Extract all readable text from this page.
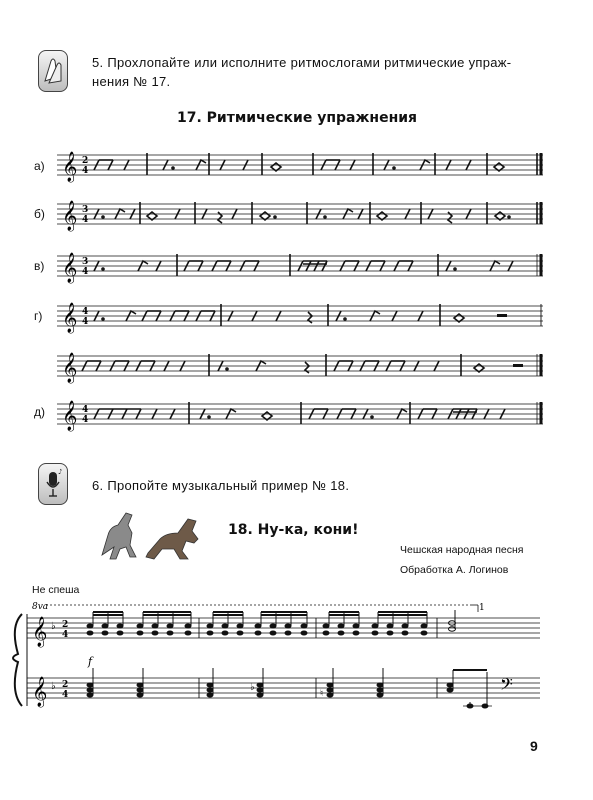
5. Прохлопайте или исполните ритмослогами ритмические упраж-
нения № 17.
17. Ритмические упражнения
а)
б)
в)
г)
д)
𝄞 2
4
𝄞 3
4
𝄞 3
4
𝄞 4
4
𝄞
𝄞 4
4
♪
6. Пропойте музыкальный пример № 18.
18. Ну-ка, кони!
Чешская народная песня
Обработка А. Логинов
Не спеша
8va	1
𝄞 ♭ 2
4
f
𝄞 ♭ 2
4
♭
♮	𝄢
9
